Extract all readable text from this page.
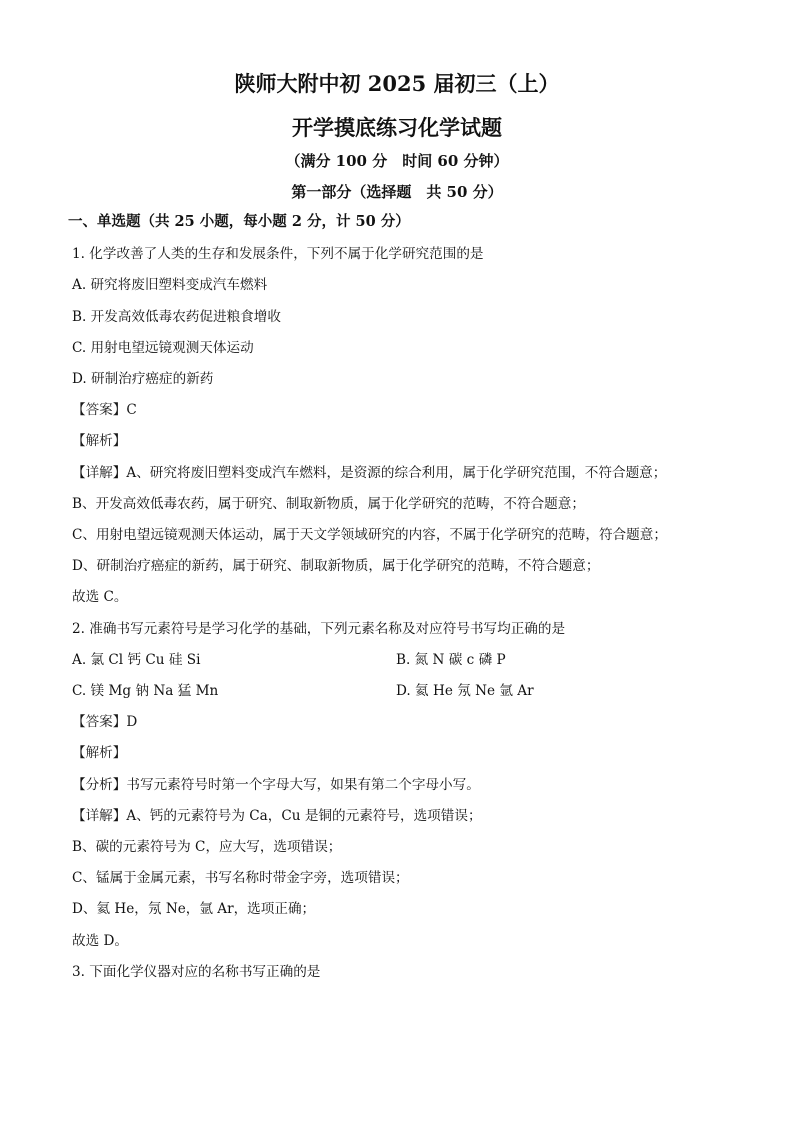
陕师大附中初 2025 届初三（上）
开学摸底练习化学试题
（满分 100 分　时间 60 分钟）
第一部分（选择题　共 50 分）
一、单选题（共 25 小题，每小题 2 分，计 50 分）
1. 化学改善了人类的生存和发展条件，下列不属于化学研究范围的是
A. 研究将废旧塑料变成汽车燃料
B. 开发高效低毒农药促进粮食增收
C. 用射电望远镜观测天体运动
D. 研制治疗癌症的新药
【答案】C
【解析】
【详解】A、研究将废旧塑料变成汽车燃料，是资源的综合利用，属于化学研究范围，不符合题意；
B、开发高效低毒农药，属于研究、制取新物质，属于化学研究的范畴，不符合题意；
C、用射电望远镜观测天体运动，属于天文学领域研究的内容，不属于化学研究的范畴，符合题意；
D、研制治疗癌症的新药，属于研究、制取新物质，属于化学研究的范畴，不符合题意；
故选 C。
2. 准确书写元素符号是学习化学的基础，下列元素名称及对应符号书写均正确的是
A. 氯 Cl 钙 Cu 硅 Si	B. 氮 N 碳 c 磷 P
C. 镁 Mg 钠 Na 猛 Mn	D. 氦 He 氖 Ne 氩 Ar
【答案】D
【解析】
【分析】书写元素符号时第一个字母大写，如果有第二个字母小写。
【详解】A、钙的元素符号为 Ca，Cu 是铜的元素符号，选项错误；
B、碳的元素符号为 C，应大写，选项错误；
C、锰属于金属元素，书写名称时带金字旁，选项错误；
D、氦 He，氖 Ne，氩 Ar，选项正确；
故选 D。
3. 下面化学仪器对应的名称书写正确的是
